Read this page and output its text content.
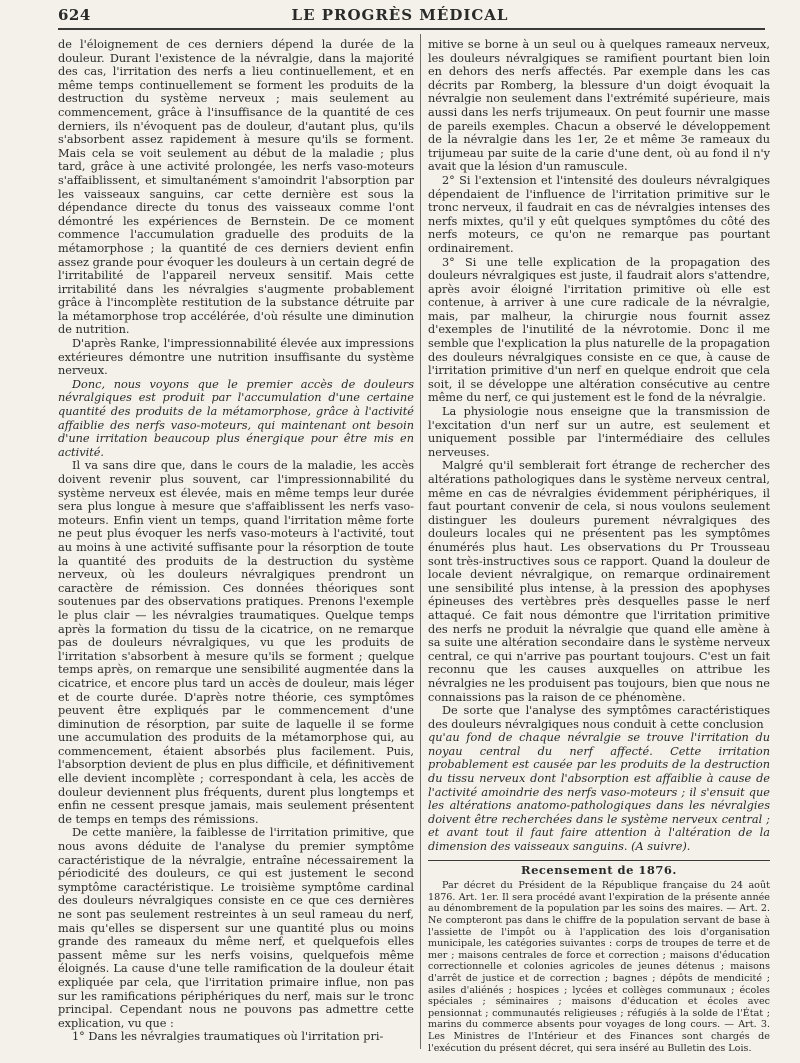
624	LE PROGRÈS MÉDICAL

de l'éloignement de ces derniers dépend la durée de la douleur. Durant l'existence de la névralgie, dans la majorité des cas, l'irritation des nerfs a lieu continuellement, et en même temps continuellement se forment les produits de la destruction du système nerveux ; mais seulement au commencement, grâce à l'insuffisance de la quantité de ces derniers, ils n'évoquent pas de douleur, d'autant plus, qu'ils s'absorbent assez rapidement à mesure qu'ils se forment. Mais cela se voit seulement au début de la maladie ; plus tard, grâce à une activité prolongée, les nerfs vaso-moteurs s'affaiblissent, et simultanément s'amoindrit l'absorption par les vaisseaux sanguins, car cette dernière est sous la dépendance directe du tonus des vaisseaux comme l'ont démontré les expériences de Bernstein. De ce moment commence l'accumulation graduelle des produits de la métamorphose ; la quantité de ces derniers devient enfin assez grande pour évoquer les douleurs à un certain degré de l'irritabilité de l'appareil nerveux sensitif. Mais cette irritabilité dans les névralgies s'augmente probablement grâce à l'incomplète restitution de la substance détruite par la métamorphose trop accélérée, d'où résulte une diminution de nutrition.

D'après Ranke, l'impressionnabilité élevée aux impressions extérieures démontre une nutrition insuffisante du système nerveux.

Donc, nous voyons que le premier accès de douleurs névralgiques est produit par l'accumulation d'une certaine quantité des produits de la métamorphose, grâce à l'activité affaiblie des nerfs vaso-moteurs, qui maintenant ont besoin d'une irritation beaucoup plus énergique pour être mis en activité.

Il va sans dire que, dans le cours de la maladie, les accès doivent revenir plus souvent, car l'impressionnabilité du système nerveux est élevée, mais en même temps leur durée sera plus longue à mesure que s'affaiblissent les nerfs vaso-moteurs. Enfin vient un temps, quand l'irritation même forte ne peut plus évoquer les nerfs vaso-moteurs à l'activité, tout au moins à une activité suffisante pour la résorption de toute la quantité des produits de la destruction du système nerveux, où les douleurs névralgiques prendront un caractère de rémission. Ces données théoriques sont soutenues par des observations pratiques. Prenons l'exemple le plus clair — les névralgies traumatiques. Quelque temps après la formation du tissu de la cicatrice, on ne remarque pas de douleurs névralgiques, vu que les produits de l'irritation s'absorbent à mesure qu'ils se forment ; quelque temps après, on remarque une sensibilité augmentée dans la cicatrice, et encore plus tard un accès de douleur, mais léger et de courte durée. D'après notre théorie, ces symptômes peuvent être expliqués par le commencement d'une diminution de résorption, par suite de laquelle il se forme une accumulation des produits de la métamorphose qui, au commencement, étaient absorbés plus facilement. Puis, l'absorption devient de plus en plus difficile, et définitivement elle devient incomplète ; correspondant à cela, les accès de douleur deviennent plus fréquents, durent plus longtemps et enfin ne cessent presque jamais, mais seulement présentent de temps en temps des rémissions.

De cette manière, la faiblesse de l'irritation primitive, que nous avons déduite de l'analyse du premier symptôme caractéristique de la névralgie, entraîne nécessairement la périodicité des douleurs, ce qui est justement le second symptôme caractéristique. Le troisième symptôme cardinal des douleurs névralgiques consiste en ce que ces dernières ne sont pas seulement restreintes à un seul rameau du nerf, mais qu'elles se dispersent sur une quantité plus ou moins grande des rameaux du même nerf, et quelquefois elles passent même sur les nerfs voisins, quelquefois même éloignés. La cause d'une telle ramification de la douleur était expliquée par cela, que l'irritation primaire influe, non pas sur les ramifications périphériques du nerf, mais sur le tronc principal. Cependant nous ne pouvons pas admettre cette explication, vu que :

1° Dans les névralgies traumatiques où l'irritation pri-

mitive se borne à un seul ou à quelques rameaux nerveux, les douleurs névralgiques se ramifient pourtant bien loin en dehors des nerfs affectés. Par exemple dans les cas décrits par Romberg, la blessure d'un doigt évoquait la névralgie non seulement dans l'extrémité supérieure, mais aussi dans les nerfs trijumeaux. On peut fournir une masse de pareils exemples. Chacun a observé le développement de la névralgie dans les 1er, 2e et même 3e rameaux du trijumeau par suite de la carie d'une dent, où au fond il n'y avait que la lésion d'un ramuscule.

2° Si l'extension et l'intensité des douleurs névralgiques dépendaient de l'influence de l'irritation primitive sur le tronc nerveux, il faudrait en cas de névralgies intenses des nerfs mixtes, qu'il y eût quelques symptômes du côté des nerfs moteurs, ce qu'on ne remarque pas pourtant ordinairement.

3° Si une telle explication de la propagation des douleurs névralgiques est juste, il faudrait alors s'attendre, après avoir éloigné l'irritation primitive où elle est contenue, à arriver à une cure radicale de la névralgie, mais, par malheur, la chirurgie nous fournit assez d'exemples de l'inutilité de la névrotomie. Donc il me semble que l'explication la plus naturelle de la propagation des douleurs névralgiques consiste en ce que, à cause de l'irritation primitive d'un nerf en quelque endroit que cela soit, il se développe une altération consécutive au centre même du nerf, ce qui justement est le fond de la névralgie.

La physiologie nous enseigne que la transmission de l'excitation d'un nerf sur un autre, est seulement et uniquement possible par l'intermédiaire des cellules nerveuses.

Malgré qu'il semblerait fort étrange de rechercher des altérations pathologiques dans le système nerveux central, même en cas de névralgies évidemment périphériques, il faut pourtant convenir de cela, si nous voulons seulement distinguer les douleurs purement névralgiques des douleurs locales qui ne présentent pas les symptômes énumérés plus haut. Les observations du Pr Trousseau sont très-instructives sous ce rapport. Quand la douleur de locale devient névralgique, on remarque ordinairement une sensibilité plus intense, à la pression des apophyses épineuses des vertèbres près desquelles passe le nerf attaqué. Ce fait nous démontre que l'irritation primitive des nerfs ne produit la névralgie que quand elle amène à sa suite une altération secondaire dans le système nerveux central, ce qui n'arrive pas pourtant toujours. C'est un fait reconnu que les causes auxquelles on attribue les névralgies ne les produisent pas toujours, bien que nous ne connaissions pas la raison de ce phénomène.

De sorte que l'analyse des symptômes caractéristiques des douleurs névralgiques nous conduit à cette conclusion

qu'au fond de chaque névralgie se trouve l'irritation du noyau central du nerf affecté. Cette irritation probablement est causée par les produits de la destruction du tissu nerveux dont l'absorption est affaiblie à cause de l'activité amoindrie des nerfs vaso-moteurs ; il s'ensuit que les altérations anatomo-pathologiques dans les névralgies doivent être recherchées dans le système nerveux central ; et avant tout il faut faire attention à l'altération de la dimension des vaisseaux sanguins. (A suivre).

Recensement de 1876.

Par décret du Président de la République française du 24 août 1876. Art. 1er. Il sera procédé avant l'expiration de la présente année au dénombrement de la population par les soins des maires. — Art. 2. Ne compteront pas dans le chiffre de la population servant de base à l'assiette de l'impôt ou à l'application des lois d'organisation municipale, les catégories suivantes : corps de troupes de terre et de mer ; maisons centrales de force et correction ; maisons d'éducation correctionnelle et colonies agricoles de jeunes détenus ; maisons d'arrêt de justice et de correction ; bagnes ; dépôts de mendicité ; asiles d'aliénés ; hospices ; lycées et collèges communaux ; écoles spéciales ; séminaires ; maisons d'éducation et écoles avec pensionnat ; communautés religieuses ; réfugiés à la solde de l'État ; marins du commerce absents pour voyages de long cours. — Art. 3. Les Ministres de l'Intérieur et des Finances sont chargés de l'exécution du présent décret, qui sera inséré au Bulletin des Lois.
